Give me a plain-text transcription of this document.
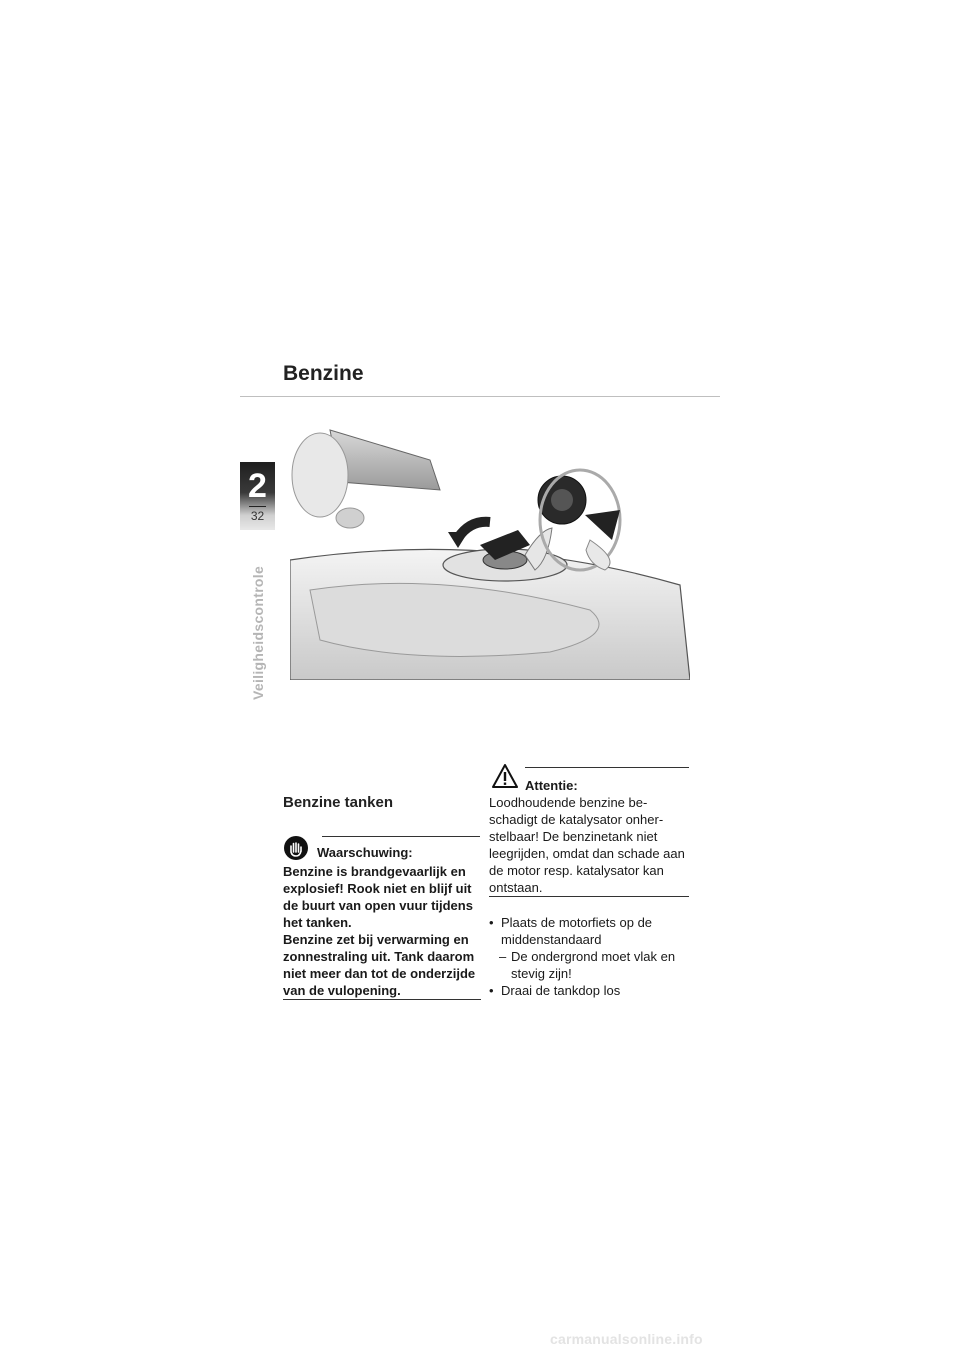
Benzine
2
32
Veiligheidscontrole
Benzine tanken
Waarschuwing:

Benzine is brandgevaarlijk en explosief! Rook niet en blijf uit de buurt van open vuur tijdens het tanken.

Benzine zet bij verwarming en zonnestraling uit. Tank daarom niet meer dan tot de onderzijde van de vulopening.

Attentie:
Loodhoudende benzine be-schadigt de katalysator onher-stelbaar! De benzinetank niet leegrijden, omdat dan schade aan de motor resp. katalysator kan ontstaan.
• Plaats de motorfiets op de middenstandaard
– De ondergrond moet vlak en stevig zijn!
• Draai de tankdop los
carmanualsonline.info
